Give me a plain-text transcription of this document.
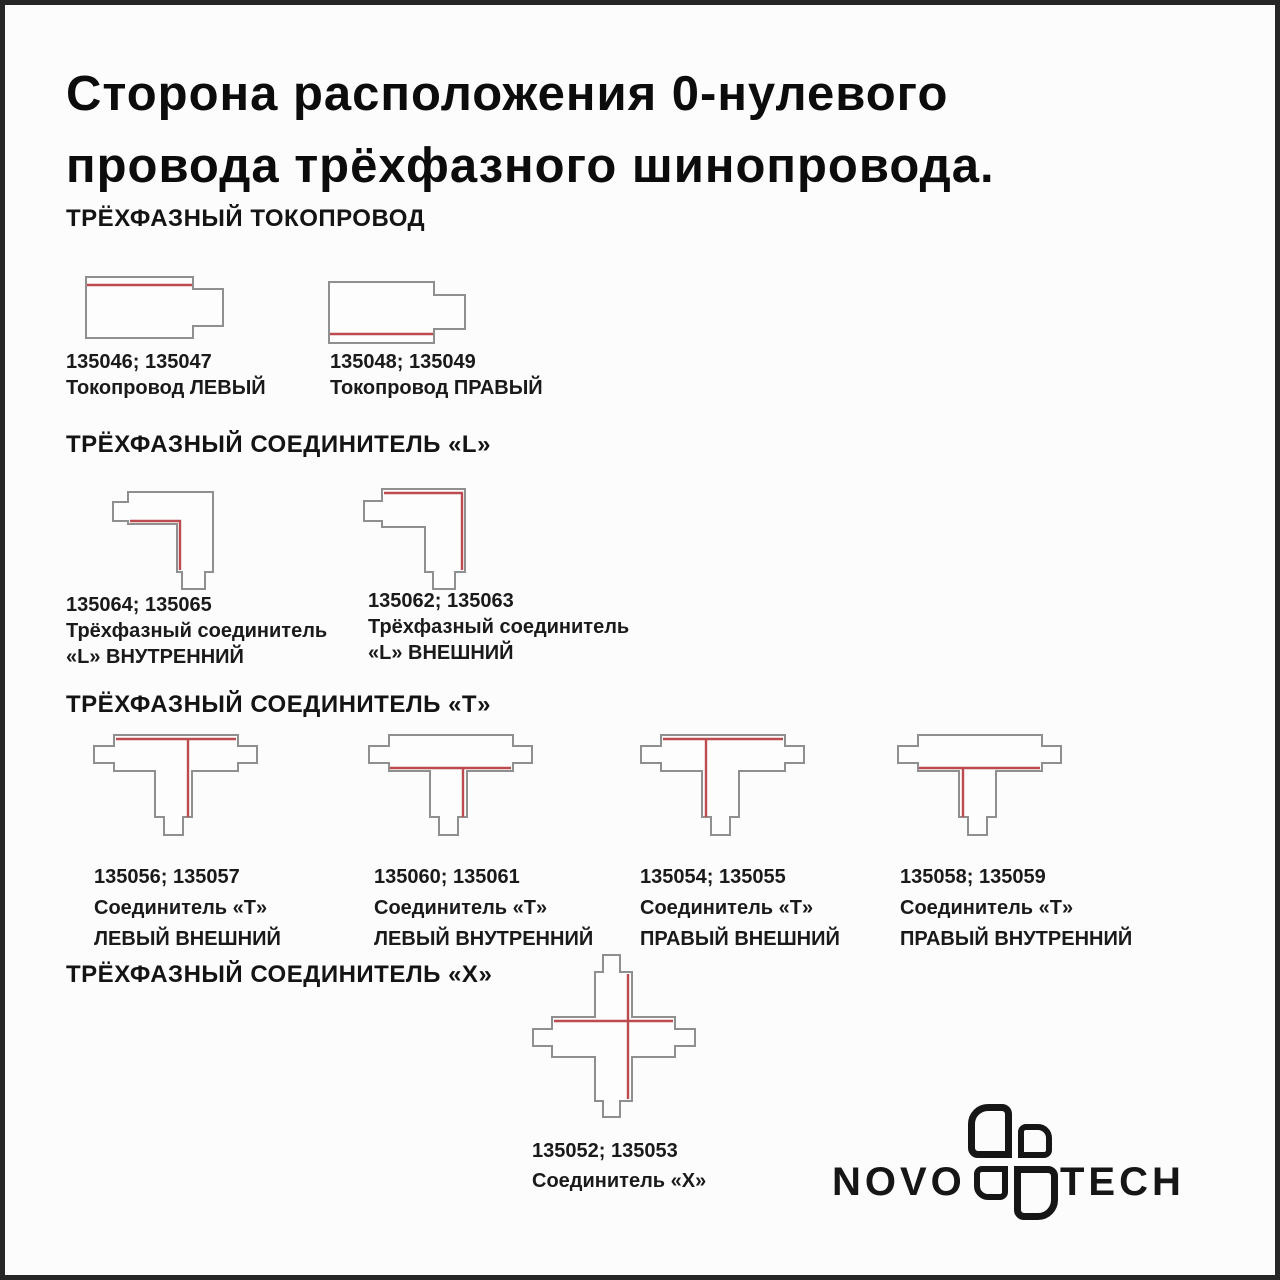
Сторона расположения 0-нулевого
провода трёхфазного шинопровода.
ТРЁХФАЗНЫЙ ТОКОПРОВОД
ТРЁХФАЗНЫЙ СОЕДИНИТЕЛЬ «L»
ТРЁХФАЗНЫЙ СОЕДИНИТЕЛЬ «Т»
ТРЁХФАЗНЫЙ СОЕДИНИТЕЛЬ «Х»
135046; 135047
Токопровод ЛЕВЫЙ
135048; 135049
Токопровод ПРАВЫЙ
135064; 135065
Трёхфазный соединитель
«L» ВНУТРЕННИЙ
135062; 135063
Трёхфазный соединитель
«L» ВНЕШНИЙ
135056; 135057
Соединитель «Т»
ЛЕВЫЙ ВНЕШНИЙ
135060; 135061
Соединитель «Т»
ЛЕВЫЙ ВНУТРЕННИЙ
135054; 135055
Соединитель «Т»
ПРАВЫЙ ВНЕШНИЙ
135058; 135059
Соединитель «Т»
ПРАВЫЙ ВНУТРЕННИЙ
135052; 135053
Соединитель «Х»	NOVO TECH
